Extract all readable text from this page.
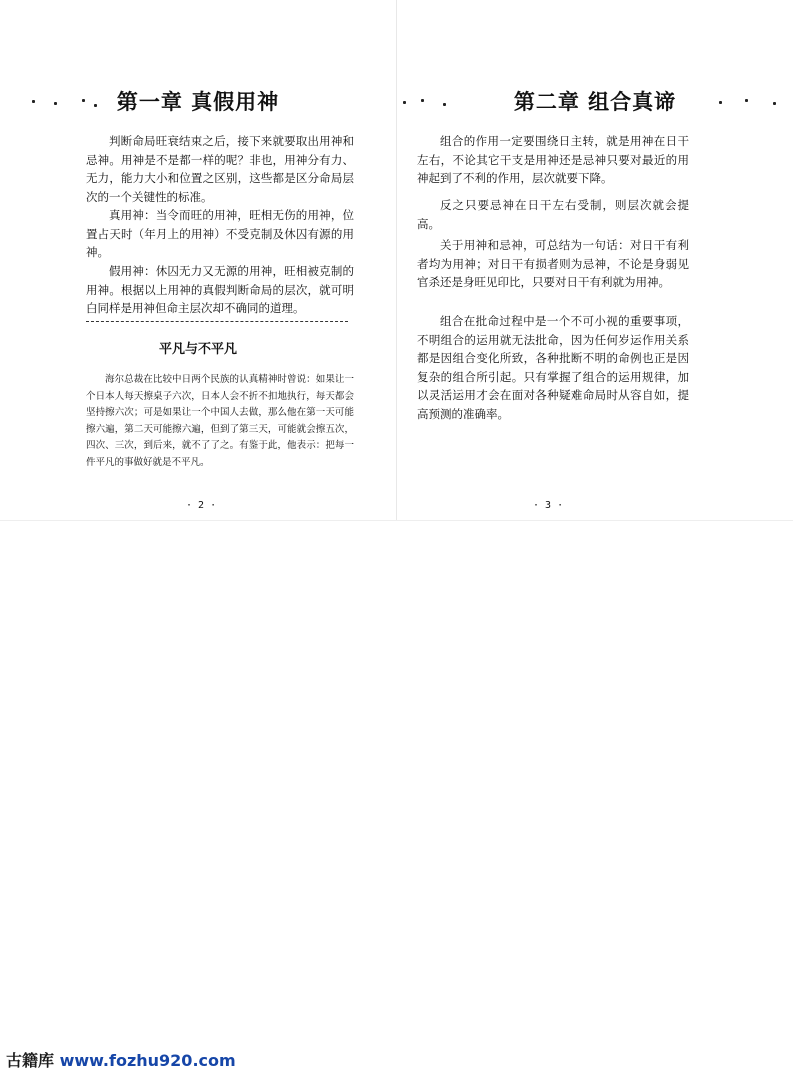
第一章 真假用神

判断命局旺衰结束之后，接下来就要取出用神和忌神。用神是不是都一样的呢？非也，用神分有力、无力，能力大小和位置之区别，这些都是区分命局层次的一个关键性的标准。

真用神：当令而旺的用神，旺相无伤的用神，位置占天时（年月上的用神）不受克制及休囚有源的用神。

假用神：休囚无力又无源的用神，旺相被克制的用神。根据以上用神的真假判断命局的层次，就可明白同样是用神但命主层次却不确同的道理。

平凡与不平凡

海尔总裁在比较中日两个民族的认真精神时曾说：如果让一个日本人每天擦桌子六次，日本人会不折不扣地执行，每天都会坚持擦六次；可是如果让一个中国人去做，那么他在第一天可能擦六遍，第二天可能擦六遍，但到了第三天，可能就会擦五次，四次、三次，到后来，就不了了之。有鉴于此，他表示：把每一件平凡的事做好就是不平凡。

· 2 ·
第二章 组合真谛

组合的作用一定要围绕日主转，就是用神在日干左右，不论其它干支是用神还是忌神只要对最近的用神起到了不利的作用，层次就要下降。

反之只要忌神在日干左右受制，则层次就会提高。

关于用神和忌神，可总结为一句话：对日干有利者均为用神；对日干有损者则为忌神，不论是身弱见官杀还是身旺见印比，只要对日干有利就为用神。

组合在批命过程中是一个不可小视的重要事项，不明组合的运用就无法批命，因为任何岁运作用关系都是因组合变化所致，各种批断不明的命例也正是因复杂的组合所引起。只有掌握了组合的运用规律，加以灵活运用才会在面对各种疑难命局时从容自如，提高预测的准确率。

· 3 ·
古籍库 www.fozhu920.com
